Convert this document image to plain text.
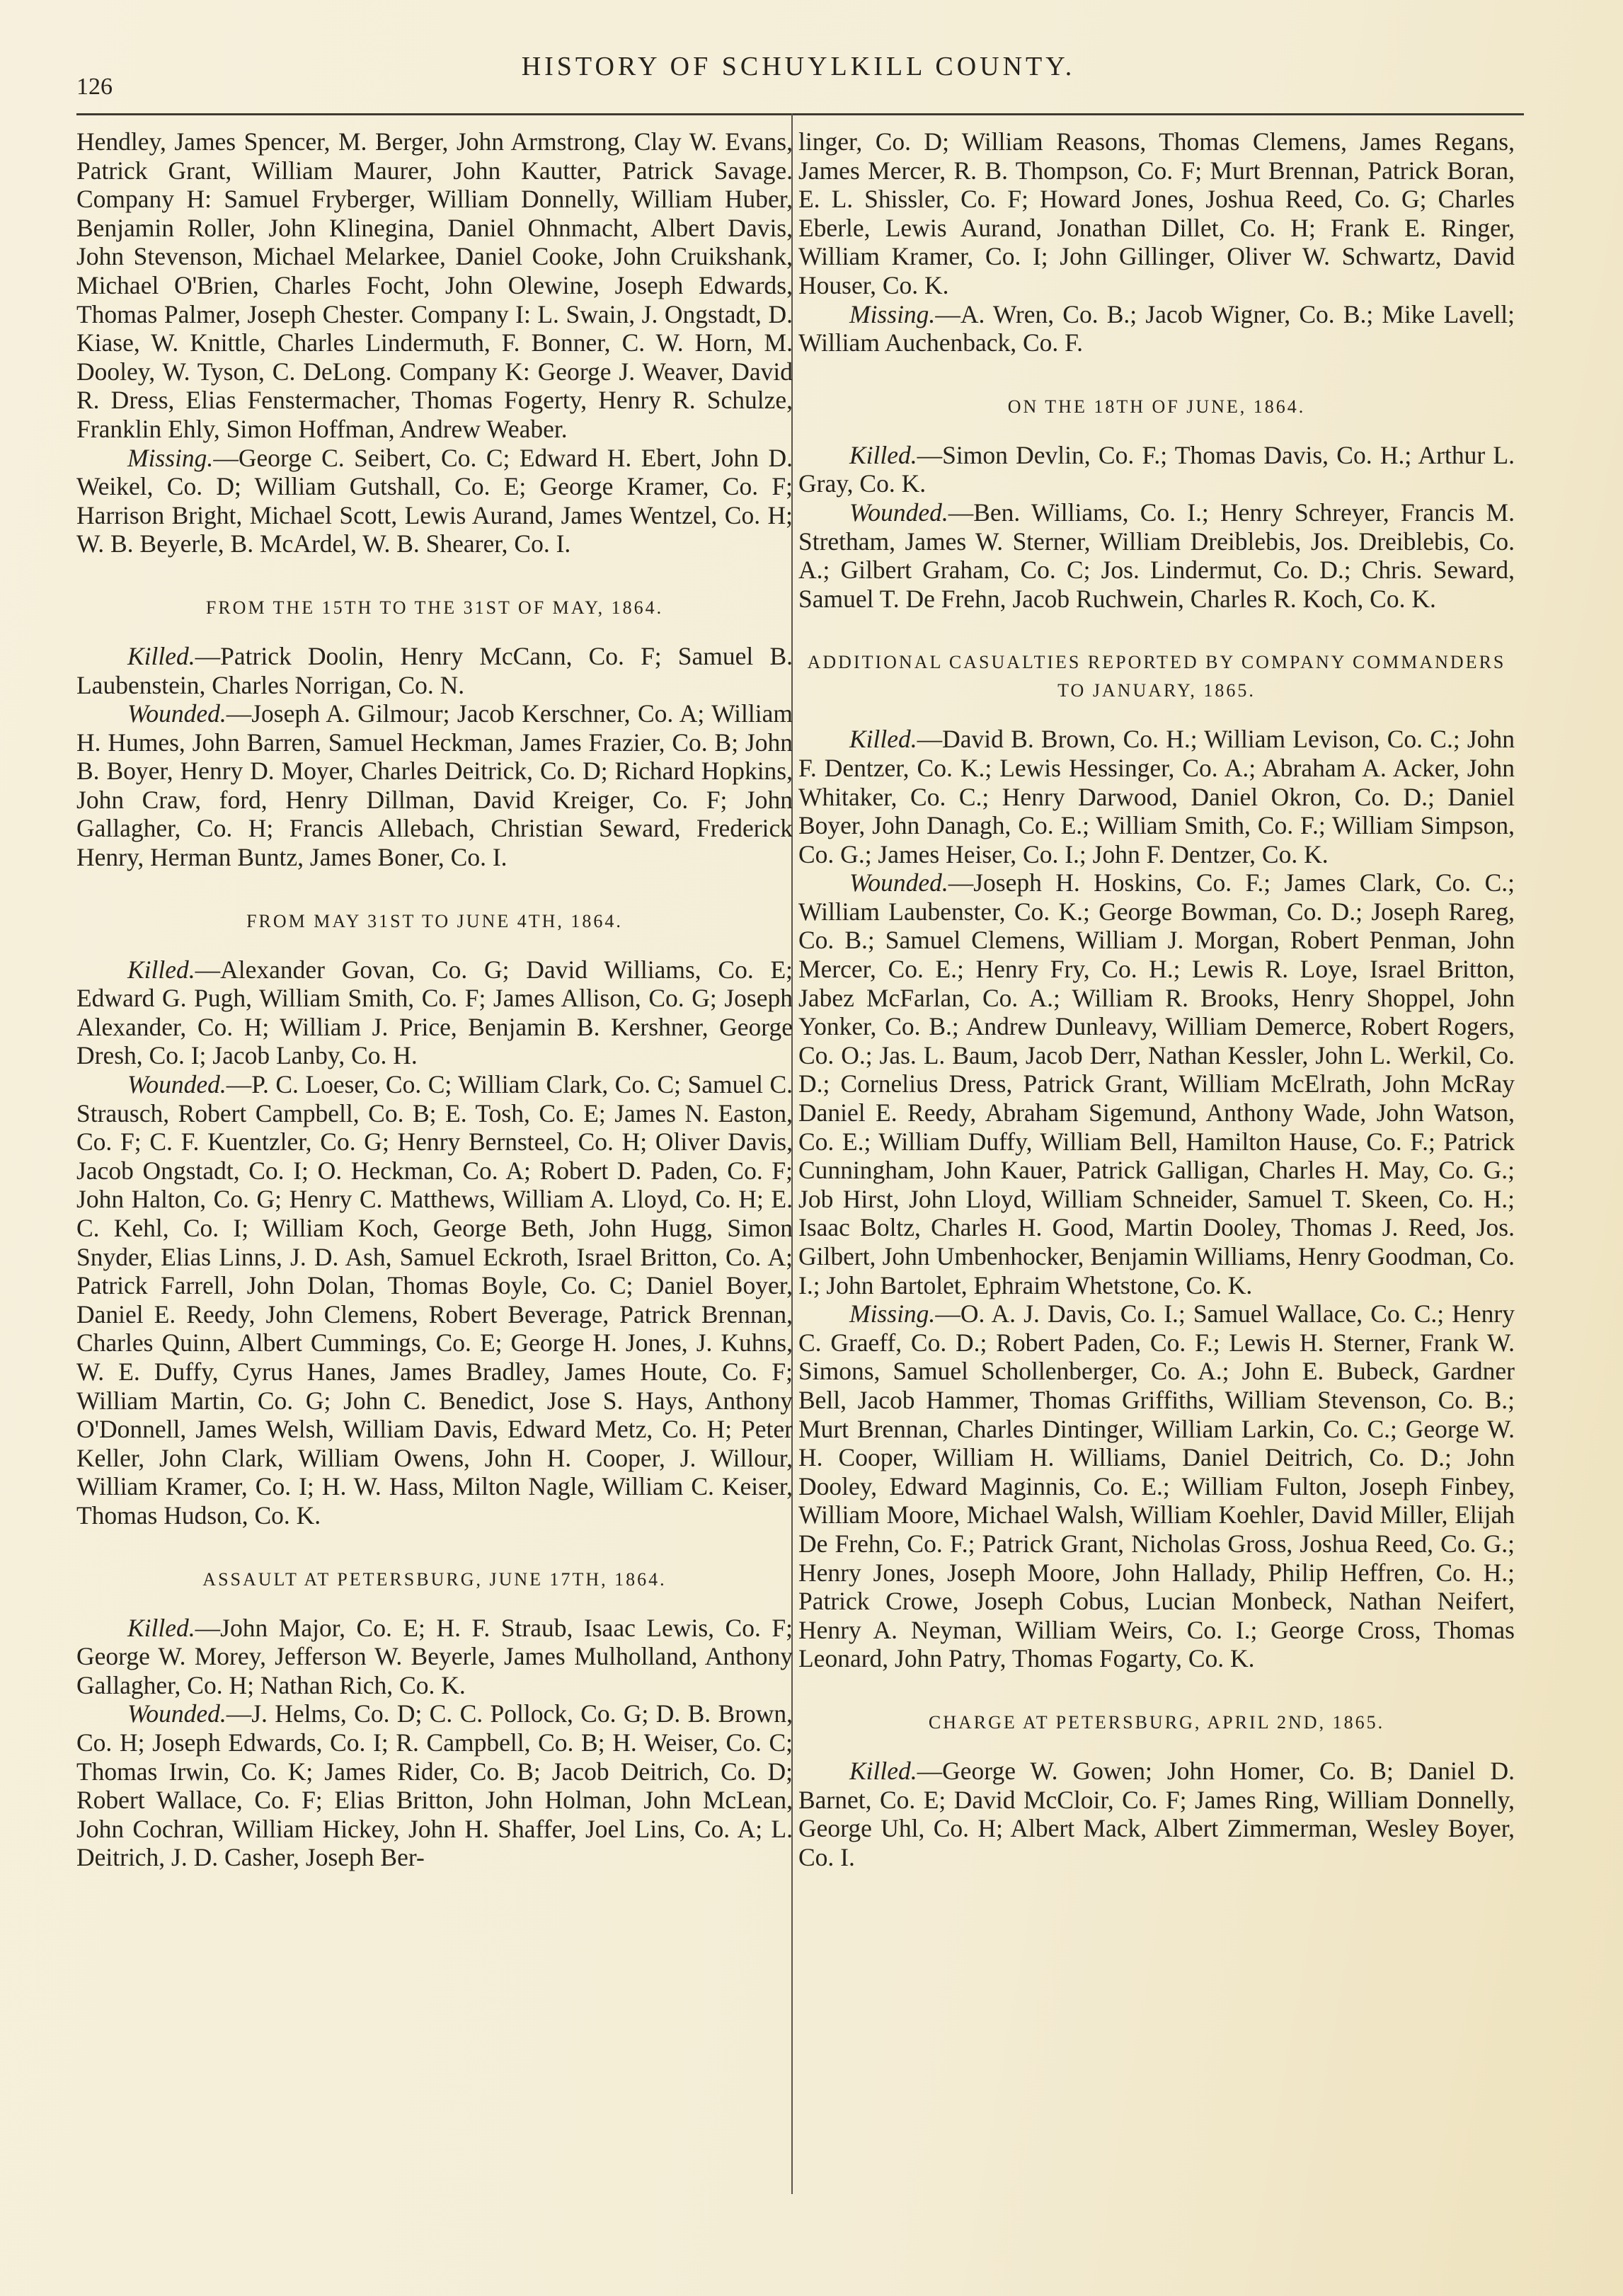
126
HISTORY OF SCHUYLKILL COUNTY.

Hendley, James Spencer, M. Berger, John Armstrong, Clay W. Evans, Patrick Grant, William Maurer, John Kautter, Patrick Savage. Company H: Samuel Fryberger, William Donnelly, William Huber, Benjamin Roller, John Klinegina, Daniel Ohnmacht, Albert Davis, John Stevenson, Michael Melarkee, Daniel Cooke, John Cruikshank, Michael O'Brien, Charles Focht, John Olewine, Joseph Edwards, Thomas Palmer, Joseph Chester. Company I: L. Swain, J. Ongstadt, D. Kiase, W. Knittle, Charles Lindermuth, F. Bonner, C. W. Horn, M. Dooley, W. Tyson, C. DeLong. Company K: George J. Weaver, David R. Dress, Elias Fenstermacher, Thomas Fogerty, Henry R. Schulze, Franklin Ehly, Simon Hoffman, Andrew Weaber.

Missing.—George C. Seibert, Co. C; Edward H. Ebert, John D. Weikel, Co. D; William Gutshall, Co. E; George Kramer, Co. F; Harrison Bright, Michael Scott, Lewis Aurand, James Wentzel, Co. H; W. B. Beyerle, B. McArdel, W. B. Shearer, Co. I.

FROM THE 15TH TO THE 31ST OF MAY, 1864.

Killed.—Patrick Doolin, Henry McCann, Co. F; Samuel B. Laubenstein, Charles Norrigan, Co. N.

Wounded.—Joseph A. Gilmour; Jacob Kerschner, Co. A; William H. Humes, John Barren, Samuel Heckman, James Frazier, Co. B; John B. Boyer, Henry D. Moyer, Charles Deitrick, Co. D; Richard Hopkins, John Craw, ford, Henry Dillman, David Kreiger, Co. F; John Gallagher, Co. H; Francis Allebach, Christian Seward, Frederick Henry, Herman Buntz, James Boner, Co. I.

FROM MAY 31ST TO JUNE 4TH, 1864.

Killed.—Alexander Govan, Co. G; David Williams, Co. E; Edward G. Pugh, William Smith, Co. F; James Allison, Co. G; Joseph Alexander, Co. H; William J. Price, Benjamin B. Kershner, George Dresh, Co. I; Jacob Lanby, Co. H.

Wounded.—P. C. Loeser, Co. C; William Clark, Co. C; Samuel C. Strausch, Robert Campbell, Co. B; E. Tosh, Co. E; James N. Easton, Co. F; C. F. Kuentzler, Co. G; Henry Bernsteel, Co. H; Oliver Davis, Jacob Ongstadt, Co. I; O. Heckman, Co. A; Robert D. Paden, Co. F; John Halton, Co. G; Henry C. Matthews, William A. Lloyd, Co. H; E. C. Kehl, Co. I; William Koch, George Beth, John Hugg, Simon Snyder, Elias Linns, J. D. Ash, Samuel Eckroth, Israel Britton, Co. A; Patrick Farrell, John Dolan, Thomas Boyle, Co. C; Daniel Boyer, Daniel E. Reedy, John Clemens, Robert Beverage, Patrick Brennan, Charles Quinn, Albert Cummings, Co. E; George H. Jones, J. Kuhns, W. E. Duffy, Cyrus Hanes, James Bradley, James Houte, Co. F; William Martin, Co. G; John C. Benedict, Jose S. Hays, Anthony O'Donnell, James Welsh, William Davis, Edward Metz, Co. H; Peter Keller, John Clark, William Owens, John H. Cooper, J. Willour, William Kramer, Co. I; H. W. Hass, Milton Nagle, William C. Keiser, Thomas Hudson, Co. K.

ASSAULT AT PETERSBURG, JUNE 17TH, 1864.

Killed.—John Major, Co. E; H. F. Straub, Isaac Lewis, Co. F; George W. Morey, Jefferson W. Beyerle, James Mulholland, Anthony Gallagher, Co. H; Nathan Rich, Co. K.

Wounded.—J. Helms, Co. D; C. C. Pollock, Co. G; D. B. Brown, Co. H; Joseph Edwards, Co. I; R. Campbell, Co. B; H. Weiser, Co. C; Thomas Irwin, Co. K; James Rider, Co. B; Jacob Deitrich, Co. D; Robert Wallace, Co. F; Elias Britton, John Holman, John McLean, John Cochran, William Hickey, John H. Shaffer, Joel Lins, Co. A; L. Deitrich, J. D. Casher, Joseph Ber-

linger, Co. D; William Reasons, Thomas Clemens, James Regans, James Mercer, R. B. Thompson, Co. F; Murt Brennan, Patrick Boran, E. L. Shissler, Co. F; Howard Jones, Joshua Reed, Co. G; Charles Eberle, Lewis Aurand, Jonathan Dillet, Co. H; Frank E. Ringer, William Kramer, Co. I; John Gillinger, Oliver W. Schwartz, David Houser, Co. K.

Missing.—A. Wren, Co. B.; Jacob Wigner, Co. B.; Mike Lavell; William Auchenback, Co. F.

ON THE 18TH OF JUNE, 1864.

Killed.—Simon Devlin, Co. F.; Thomas Davis, Co. H.; Arthur L. Gray, Co. K.

Wounded.—Ben. Williams, Co. I.; Henry Schreyer, Francis M. Stretham, James W. Sterner, William Dreiblebis, Jos. Dreiblebis, Co. A.; Gilbert Graham, Co. C; Jos. Lindermut, Co. D.; Chris. Seward, Samuel T. De Frehn, Jacob Ruchwein, Charles R. Koch, Co. K.

ADDITIONAL CASUALTIES REPORTED BY COMPANY COMMANDERS TO JANUARY, 1865.

Killed.—David B. Brown, Co. H.; William Levison, Co. C.; John F. Dentzer, Co. K.; Lewis Hessinger, Co. A.; Abraham A. Acker, John Whitaker, Co. C.; Henry Darwood, Daniel Okron, Co. D.; Daniel Boyer, John Danagh, Co. E.; William Smith, Co. F.; William Simpson, Co. G.; James Heiser, Co. I.; John F. Dentzer, Co. K.

Wounded.—Joseph H. Hoskins, Co. F.; James Clark, Co. C.; William Laubenster, Co. K.; George Bowman, Co. D.; Joseph Rareg, Co. B.; Samuel Clemens, William J. Morgan, Robert Penman, John Mercer, Co. E.; Henry Fry, Co. H.; Lewis R. Loye, Israel Britton, Jabez McFarlan, Co. A.; William R. Brooks, Henry Shoppel, John Yonker, Co. B.; Andrew Dunleavy, William Demerce, Robert Rogers, Co. O.; Jas. L. Baum, Jacob Derr, Nathan Kessler, John L. Werkil, Co. D.; Cornelius Dress, Patrick Grant, William McElrath, John McRay Daniel E. Reedy, Abraham Sigemund, Anthony Wade, John Watson, Co. E.; William Duffy, William Bell, Hamilton Hause, Co. F.; Patrick Cunningham, John Kauer, Patrick Galligan, Charles H. May, Co. G.; Job Hirst, John Lloyd, William Schneider, Samuel T. Skeen, Co. H.; Isaac Boltz, Charles H. Good, Martin Dooley, Thomas J. Reed, Jos. Gilbert, John Umbenhocker, Benjamin Williams, Henry Goodman, Co. I.; John Bartolet, Ephraim Whetstone, Co. K.

Missing.—O. A. J. Davis, Co. I.; Samuel Wallace, Co. C.; Henry C. Graeff, Co. D.; Robert Paden, Co. F.; Lewis H. Sterner, Frank W. Simons, Samuel Schollenberger, Co. A.; John E. Bubeck, Gardner Bell, Jacob Hammer, Thomas Griffiths, William Stevenson, Co. B.; Murt Brennan, Charles Dintinger, William Larkin, Co. C.; George W. H. Cooper, William H. Williams, Daniel Deitrich, Co. D.; John Dooley, Edward Maginnis, Co. E.; William Fulton, Joseph Finbey, William Moore, Michael Walsh, William Koehler, David Miller, Elijah De Frehn, Co. F.; Patrick Grant, Nicholas Gross, Joshua Reed, Co. G.; Henry Jones, Joseph Moore, John Hallady, Philip Heffren, Co. H.; Patrick Crowe, Joseph Cobus, Lucian Monbeck, Nathan Neifert, Henry A. Neyman, William Weirs, Co. I.; George Cross, Thomas Leonard, John Patry, Thomas Fogarty, Co. K.

CHARGE AT PETERSBURG, APRIL 2ND, 1865.

Killed.—George W. Gowen; John Homer, Co. B; Daniel D. Barnet, Co. E; David McCloir, Co. F; James Ring, William Donnelly, George Uhl, Co. H; Albert Mack, Albert Zimmerman, Wesley Boyer, Co. I.
